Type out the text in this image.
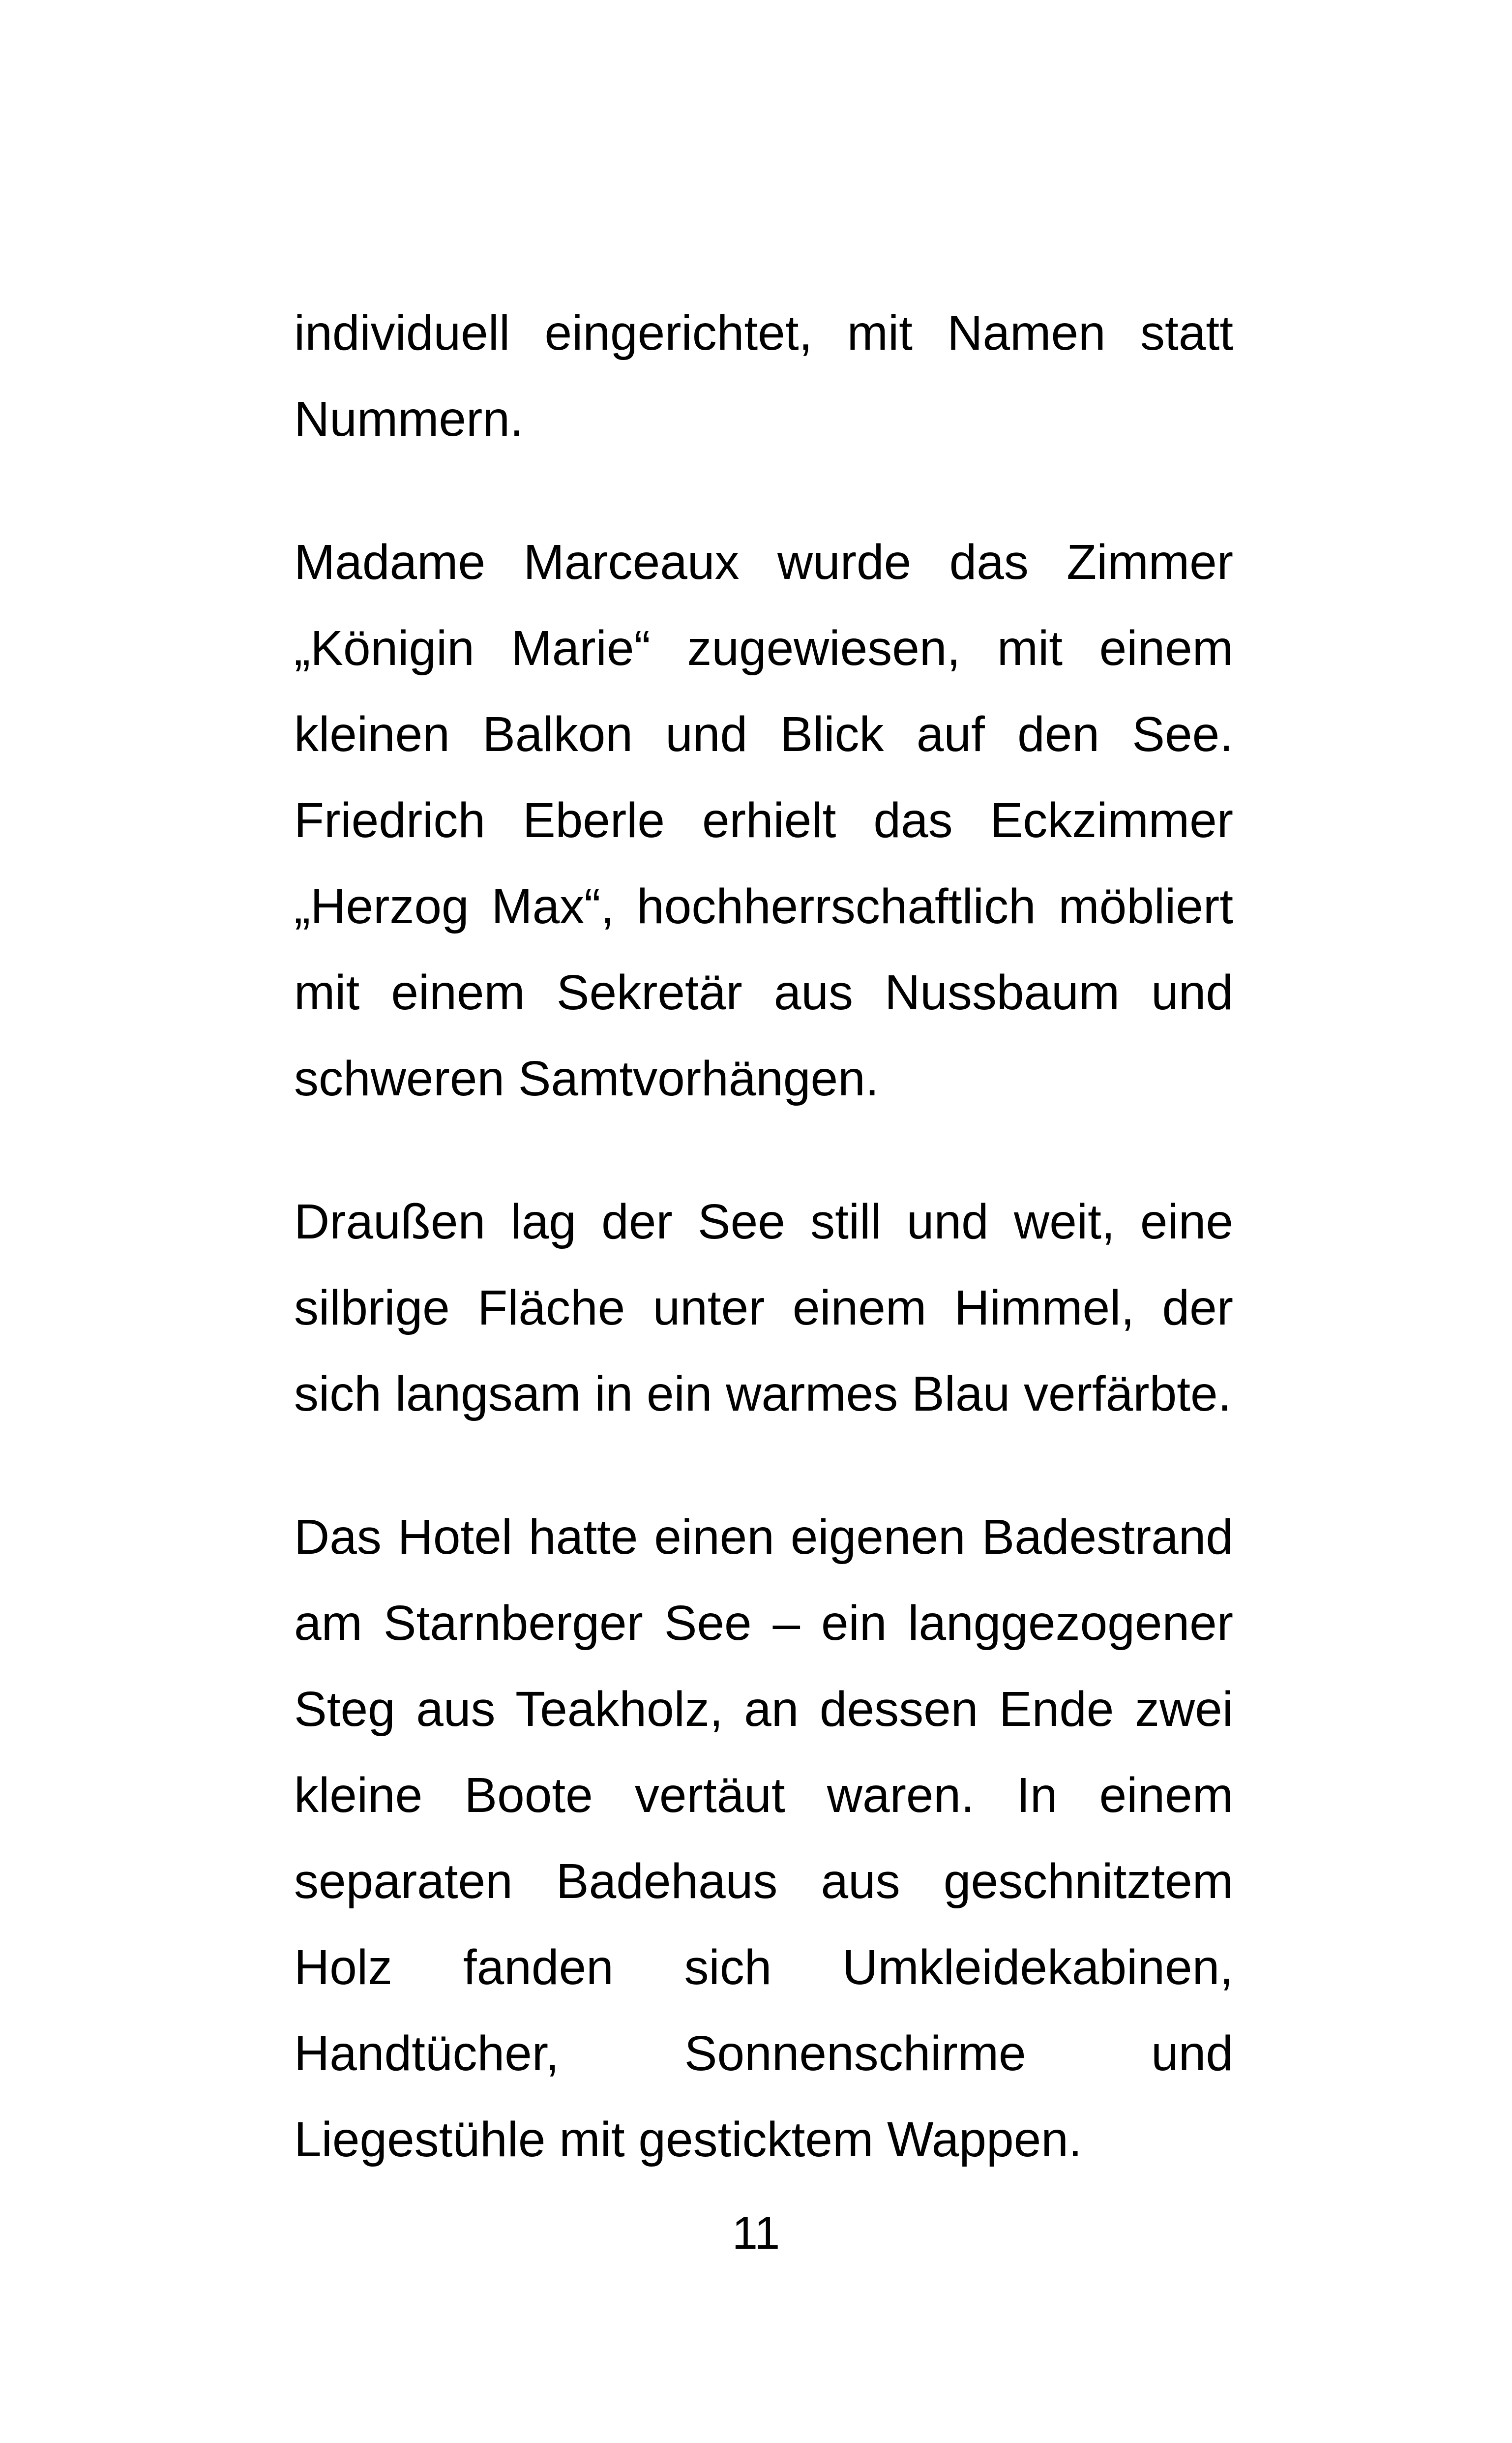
individuell eingerichtet, mit Namen statt
Nummern.

Madame Marceaux wurde das Zimmer
„Königin Marie“ zugewiesen, mit einem
kleinen Balkon und Blick auf den See.
Friedrich Eberle erhielt das Eckzimmer
„Herzog Max“, hochherrschaftlich möbliert
mit einem Sekretär aus Nussbaum und
schweren Samtvorhängen.

Draußen lag der See still und weit, eine
silbrige Fläche unter einem Himmel, der
sich langsam in ein warmes Blau verfärbte.

Das Hotel hatte einen eigenen Badestrand
am Starnberger See – ein langgezogener
Steg aus Teakholz, an dessen Ende zwei
kleine Boote vertäut waren. In einem
separaten Badehaus aus geschnitztem
Holz fanden sich Umkleidekabinen,
Handtücher, Sonnenschirme und
Liegestühle mit gesticktem Wappen.

11
